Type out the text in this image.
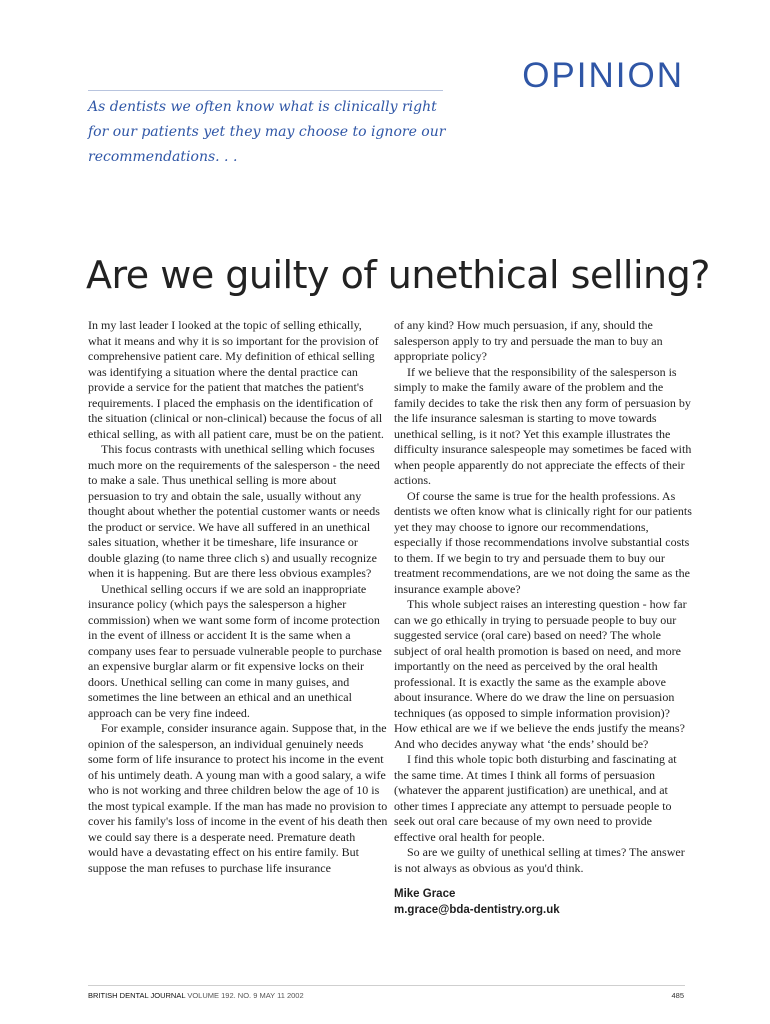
OPINION

As dentists we often know what is clinically right for our patients yet they may choose to ignore our recommendations. . .

Are we guilty of unethical selling?

In my last leader I looked at the topic of selling ethically, what it means and why it is so important for the provision of comprehensive patient care. My definition of ethical selling was identifying a situation where the dental practice can provide a service for the patient that matches the patient's requirements. I placed the emphasis on the identification of the situation (clinical or non-clinical) because the focus of all ethical selling, as with all patient care, must be on the patient.

This focus contrasts with unethical selling which focuses much more on the requirements of the salesperson - the need to make a sale. Thus unethical selling is more about persuasion to try and obtain the sale, usually without any thought about whether the potential customer wants or needs the product or service. We have all suffered in an unethical sales situation, whether it be timeshare, life insurance or double glazing (to name three clich s) and usually recognize when it is happening. But are there less obvious examples?

Unethical selling occurs if we are sold an inappropriate insurance policy (which pays the salesperson a higher commission) when we want some form of income protection in the event of illness or accident It is the same when a company uses fear to persuade vulnerable people to purchase an expensive burglar alarm or fit expensive locks on their doors. Unethical selling can come in many guises, and sometimes the line between an ethical and an unethical approach can be very fine indeed.

For example, consider insurance again. Suppose that, in the opinion of the salesperson, an individual genuinely needs some form of life insurance to protect his income in the event of his untimely death. A young man with a good salary, a wife who is not working and three children below the age of 10 is the most typical example. If the man has made no provision to cover his family's loss of income in the event of his death then we could say there is a desperate need. Premature death would have a devastating effect on his entire family. But suppose the man refuses to purchase life insurance

of any kind? How much persuasion, if any, should the salesperson apply to try and persuade the man to buy an appropriate policy?

If we believe that the responsibility of the salesperson is simply to make the family aware of the problem and the family decides to take the risk then any form of persuasion by the life insurance salesman is starting to move towards unethical selling, is it not? Yet this example illustrates the difficulty insurance salespeople may sometimes be faced with when people apparently do not appreciate the effects of their actions.

Of course the same is true for the health professions. As dentists we often know what is clinically right for our patients yet they may choose to ignore our recommendations, especially if those recommendations involve substantial costs to them. If we begin to try and persuade them to buy our treatment recommendations, are we not doing the same as the insurance example above?

This whole subject raises an interesting question - how far can we go ethically in trying to persuade people to buy our suggested service (oral care) based on need? The whole subject of oral health promotion is based on need, and more importantly on the need as perceived by the oral health professional. It is exactly the same as the example above about insurance. Where do we draw the line on persuasion techniques (as opposed to simple information provision)? How ethical are we if we believe the ends justify the means? And who decides anyway what ‘the ends’ should be?

I find this whole topic both disturbing and fascinating at the same time. At times I think all forms of persuasion (whatever the apparent justification) are unethical, and at other times I appreciate any attempt to persuade people to seek out oral care because of my own need to provide effective oral health for people.

So are we guilty of unethical selling at times? The answer is not always as obvious as you'd think.

Mike Grace
m.grace@bda-dentistry.org.uk
BRITISH DENTAL JOURNAL VOLUME 192. NO. 9 MAY 11 2002	485
